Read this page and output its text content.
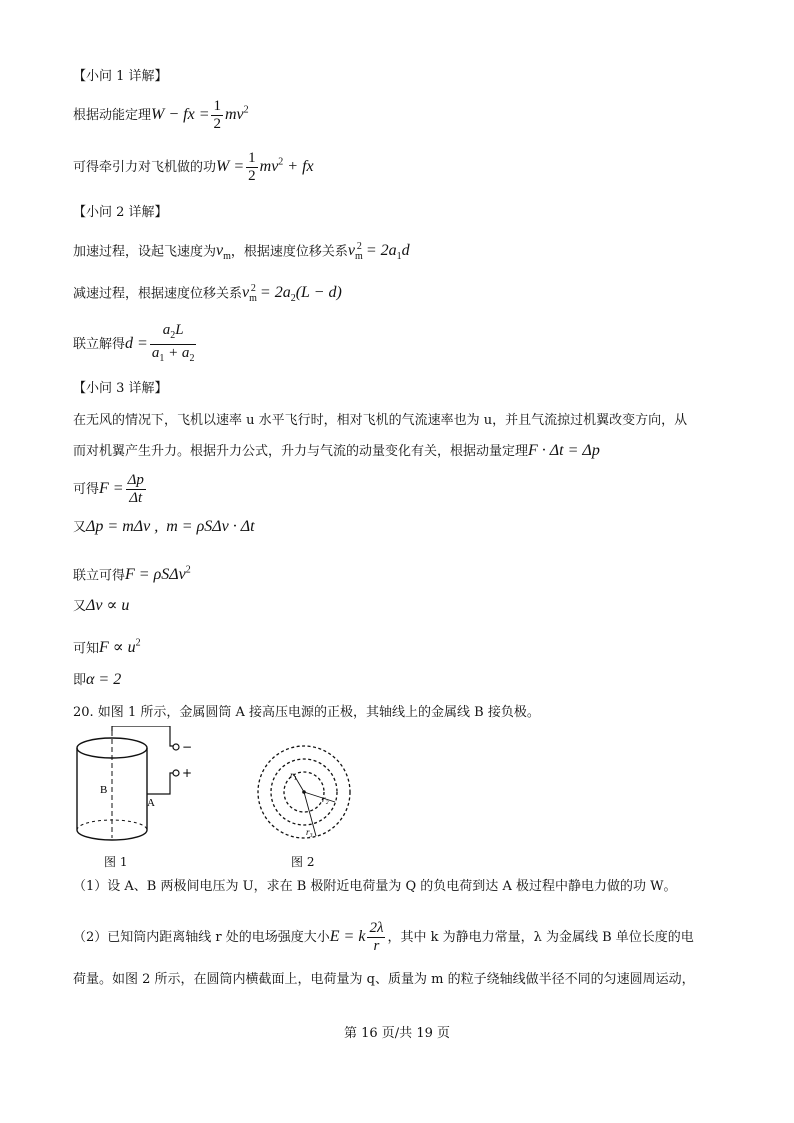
【小问 1 详解】
根据动能定理W − fx = $\frac{1}{2} mv^2$
可得牵引力对飞机做的功$W = \frac{1}{2} mv^2$ + fx
【小问 2 详解】
加速过程，设起飞速度为$v_m$，根据速度位移关系$v_m^2 = 2a_1d$
减速过程，根据速度位移关系$v_m^2 = 2a_2(L - d)$
联立解得$d = \frac{a_2L}{a_1 + a_2}$
【小问 3 详解】
在无风的情况下，飞机以速率 u 水平飞行时，相对飞机的气流速率也为 u，并且气流掠过机翼改变方向，从
而对机翼产生升力。根据升力公式，升力与气流的动量变化有关，根据动量定理F · Δt = Δp
可得$F = \frac{\Delta p}{\Delta t}$
又Δp = mΔv ,  m = ρSΔv · Δt
联立可得F = ρSΔv$^2$
又Δv ∝ u
可知$F \propto u^2$
即α = 2
20. 如图 1 所示，金属圆筒 A 接高压电源的正极，其轴线上的金属线 B 接负极。
−
+
B
A
图 1
r₁
r₂
r₃
图 2
（1）设 A、B 两极间电压为 U，求在 B 极附近电荷量为 Q 的负电荷到达 A 极过程中静电力做的功 W。
（2）已知筒内距离轴线 r 处的电场强度大小E = k $\frac{2\lambda}{r}$ ，其中 k 为静电力常量，λ 为金属线 B 单位长度的电
荷量。如图 2 所示，在圆筒内横截面上，电荷量为 q、质量为 m 的粒子绕轴线做半径不同的匀速圆周运动，
第 16 页/共 19 页
